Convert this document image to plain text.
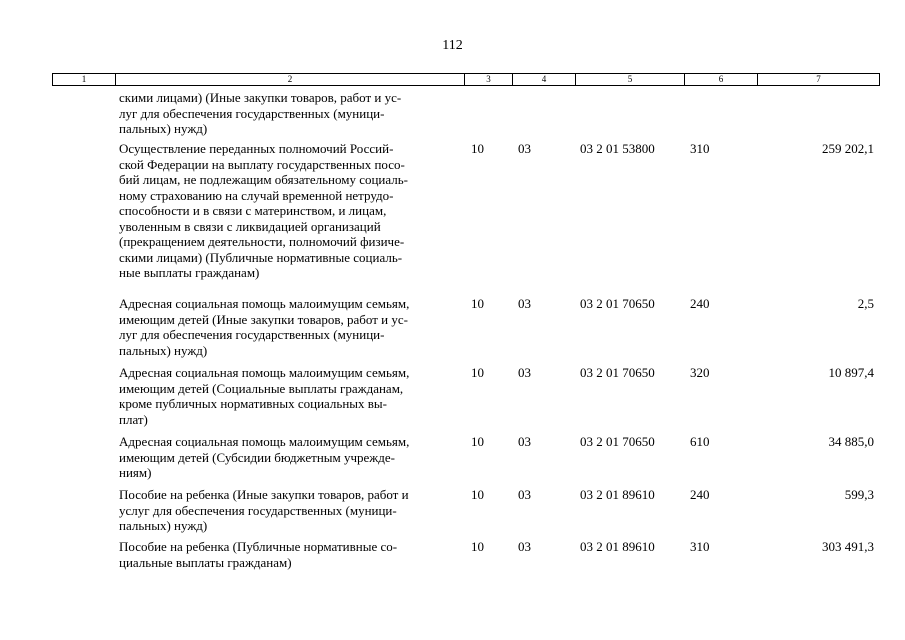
112
1	2	3	4	5	6	7
скими лицами) (Иные закупки товаров, работ и ус-
луг для обеспечения государственных (муници-
пальных) нужд)
Осуществление переданных полномочий Россий-
ской Федерации на выплату государственных посо-
бий лицам, не подлежащим обязательному социаль-
ному страхованию на случай временной нетрудо-
способности и в связи с материнством, и лицам,
уволенным в связи с ликвидацией организаций
(прекращением деятельности, полномочий физиче-
скими лицами) (Публичные нормативные социаль-
ные выплаты гражданам)
10	03	03 2 01 53800	310	259 202,1
Адресная социальная помощь малоимущим семьям,
имеющим детей (Иные закупки товаров, работ и ус-
луг для обеспечения государственных (муници-
пальных) нужд)
10	03	03 2 01 70650	240	2,5
Адресная социальная помощь малоимущим семьям,
имеющим детей (Социальные выплаты гражданам,
кроме публичных нормативных социальных вы-
плат)
10	03	03 2 01 70650	320	10 897,4
Адресная социальная помощь малоимущим семьям,
имеющим детей (Субсидии бюджетным учрежде-
ниям)
10	03	03 2 01 70650	610	34 885,0
Пособие на ребенка (Иные закупки товаров, работ и
услуг для обеспечения государственных (муници-
пальных) нужд)
10	03	03 2 01 89610	240	599,3
Пособие на ребенка (Публичные нормативные со-
циальные выплаты гражданам)
10	03	03 2 01 89610	310	303 491,3
